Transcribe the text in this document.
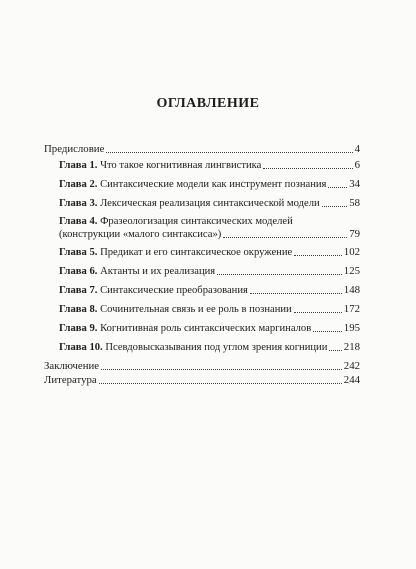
ОГЛАВЛЕНИЕ
Предисловие	4
Глава 1. Что такое когнитивная лингвистика	6
Глава 2. Синтаксические модели как инструмент познания 34
Глава 3. Лексическая реализация синтаксической модели	58
Глава 4. Фразеологизация синтаксических моделей
(конструкции «малого синтаксиса»)	79
Глава 5. Предикат и его синтаксическое окружение	102
Глава 6. Актанты и их реализация	125
Глава 7. Синтаксические преобразования	148
Глава 8. Сочинительная связь и ее роль в познании	172
Глава 9. Когнитивная роль синтаксических маргиналов	195
Глава 10. Псевдовысказывания под углом зрения когниции 218
Заключение	242
Литература	244
